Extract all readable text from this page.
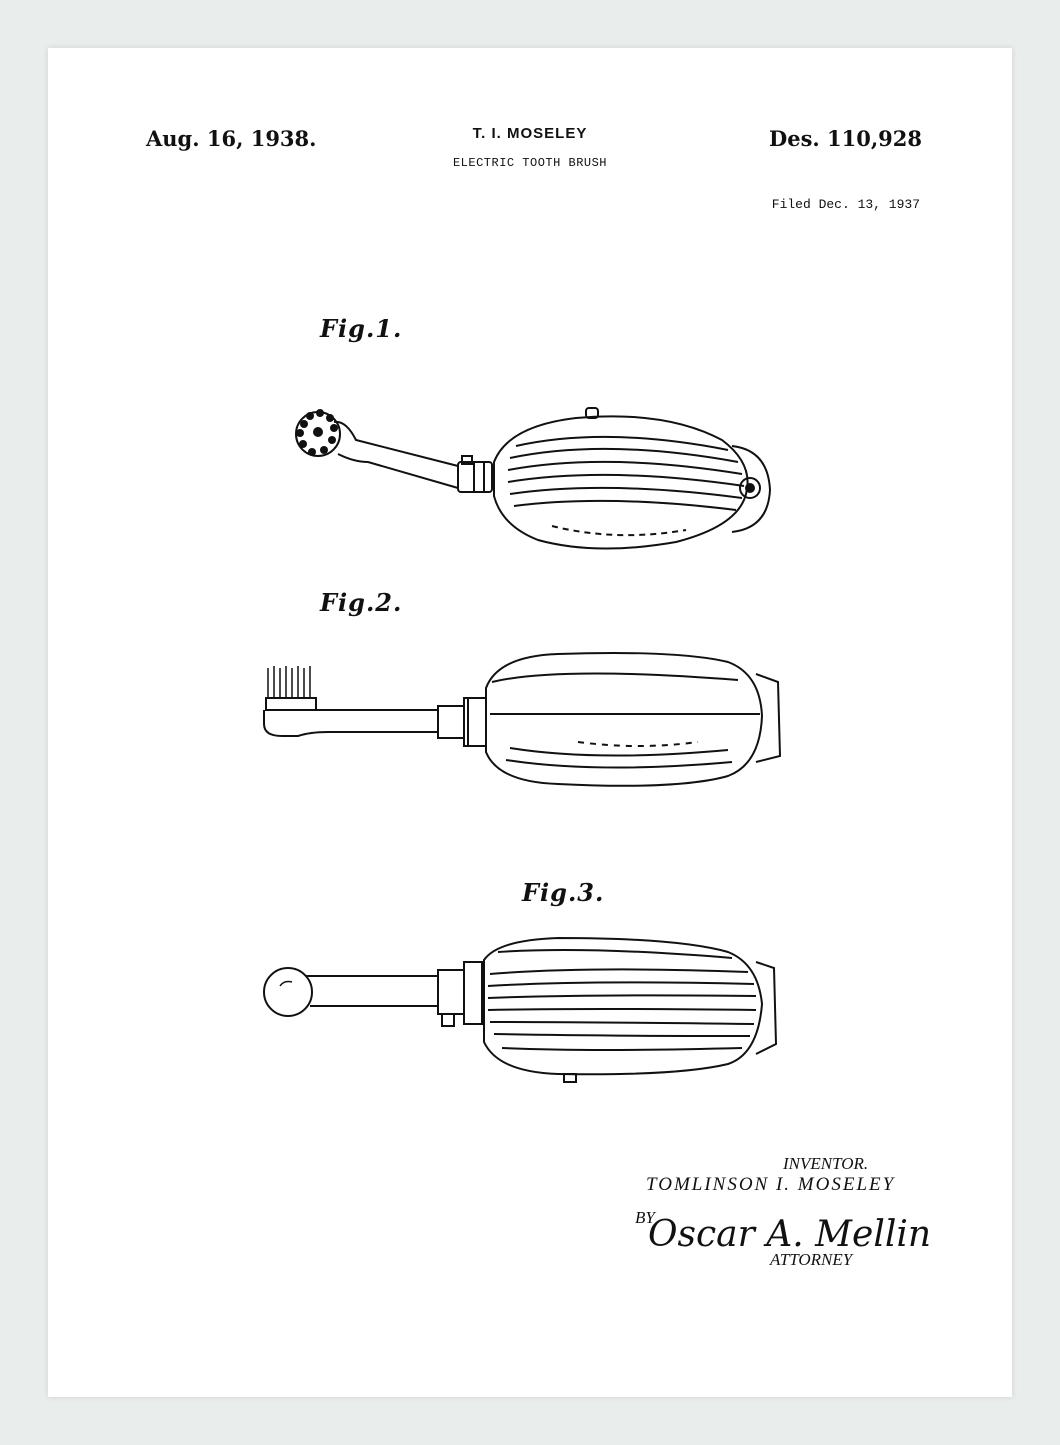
Aug. 16, 1938.	T. I. MOSELEY	Des. 110,928
ELECTRIC TOOTH BRUSH
Filed Dec. 13, 1937
Fig.1.
Fig.2.
Fig.3.
INVENTOR.
TOMLINSON I. MOSELEY
BY
Oscar A. Mellin
ATTORNEY
